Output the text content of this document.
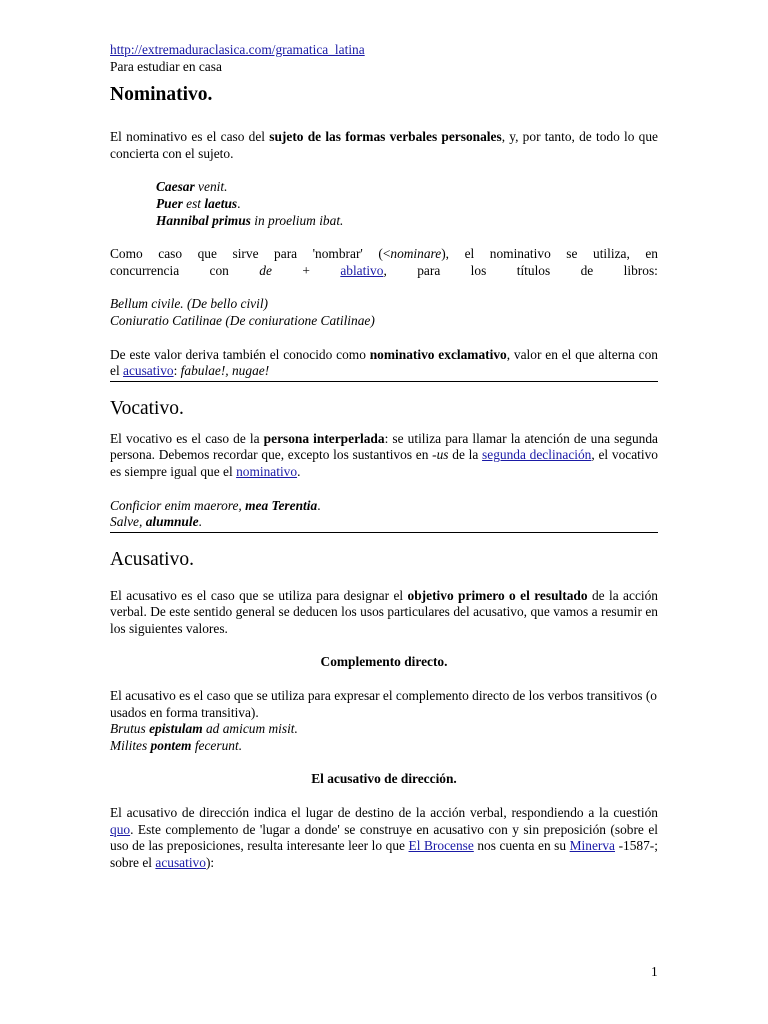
http://extremaduraclasica.com/gramatica_latina
Para estudiar en casa
Nominativo.

El nominativo es el caso del sujeto de las formas verbales personales, y, por tanto, de todo lo que concierta con el sujeto.

Caesar venit.
Puer est laetus.
Hannibal primus in proelium ibat.

Como caso que sirve para 'nombrar' (<nominare), el nominativo se utiliza, en

concurrencia con de + ablativo, para los títulos de libros:
Bellum civile. (De bello civil)
Coniuratio Catilinae (De coniuratione Catilinae)

De este valor deriva también el conocido como nominativo exclamativo, valor en el que alterna con el acusativo: fabulae!, nugae!

Vocativo.

El vocativo es el caso de la persona interperlada: se utiliza para llamar la atención de una segunda persona. Debemos recordar que, excepto los sustantivos en -us de la segunda declinación, el vocativo es siempre igual que el nominativo.

Conficior enim maerore, mea Terentia.
Salve, alumnule.
Acusativo.

El acusativo es el caso que se utiliza para designar el objetivo primero o el resultado de la acción verbal. De este sentido general se deducen los usos particulares del acusativo, que vamos a resumir en los siguientes valores.

Complemento directo.

El acusativo es el caso que se utiliza para expresar el complemento directo de los verbos transitivos (o usados en forma transitiva).

Brutus epistulam ad amicum misit.
Milites pontem fecerunt.

El acusativo de dirección.

El acusativo de dirección indica el lugar de destino de la acción verbal, respondiendo a la cuestión quo. Este complemento de 'lugar a donde' se construye en acusativo con y sin preposición (sobre el uso de las preposiciones, resulta interesante leer lo que El Brocense nos cuenta en su Minerva -1587-; sobre el acusativo):

1
